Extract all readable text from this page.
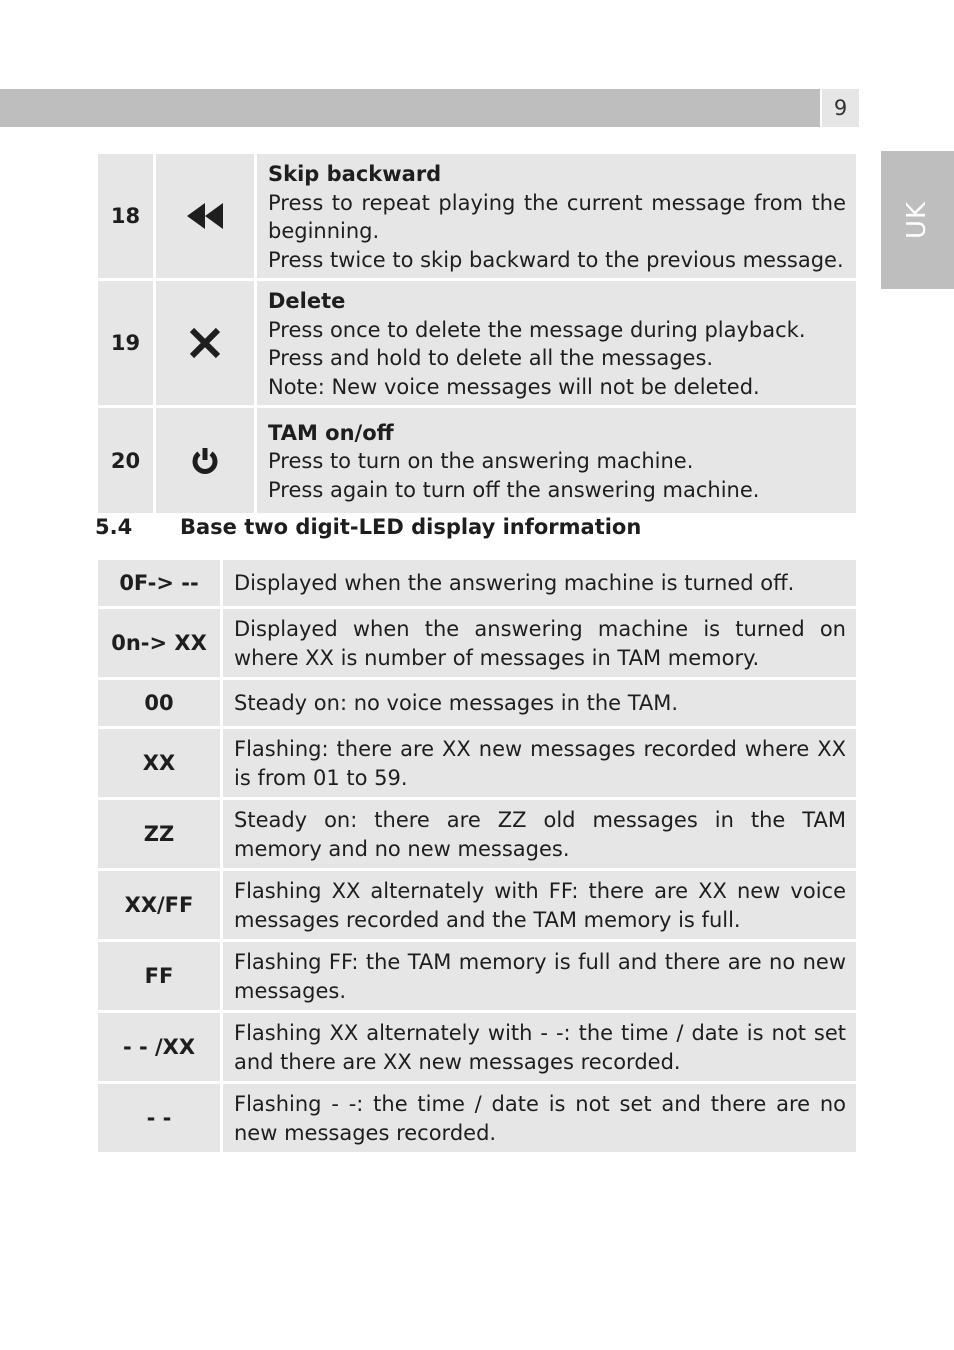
9
UK
18		Skip backward
Press to repeat playing the current message from the beginning.
Press twice to skip backward to the previous message.

19		Delete
Press once to delete the message during playback.
Press and hold to delete all the messages.
Note: New voice messages will not be deleted.

20		TAM on/off
Press to turn on the answering machine.
Press again to turn off the answering machine.
5.4 Base two digit-LED display information
0F-> --	Displayed when the answering machine is turned off.
0n-> XX	Displayed when the answering machine is turned on where XX is number of messages in TAM memory.
00	Steady on: no voice messages in the TAM.
XX	Flashing: there are XX new messages recorded where XX is from 01 to 59.
ZZ	Steady on: there are ZZ old messages in the TAM memory and no new messages.
XX/FF	Flashing XX alternately with FF: there are XX new voice messages recorded and the TAM memory is full.
FF	Flashing FF: the TAM memory is full and there are no new messages.
- - /XX	Flashing XX alternately with - -: the time / date is not set and there are XX new messages recorded.
- -	Flashing - -: the time / date is not set and there are no new messages recorded.
